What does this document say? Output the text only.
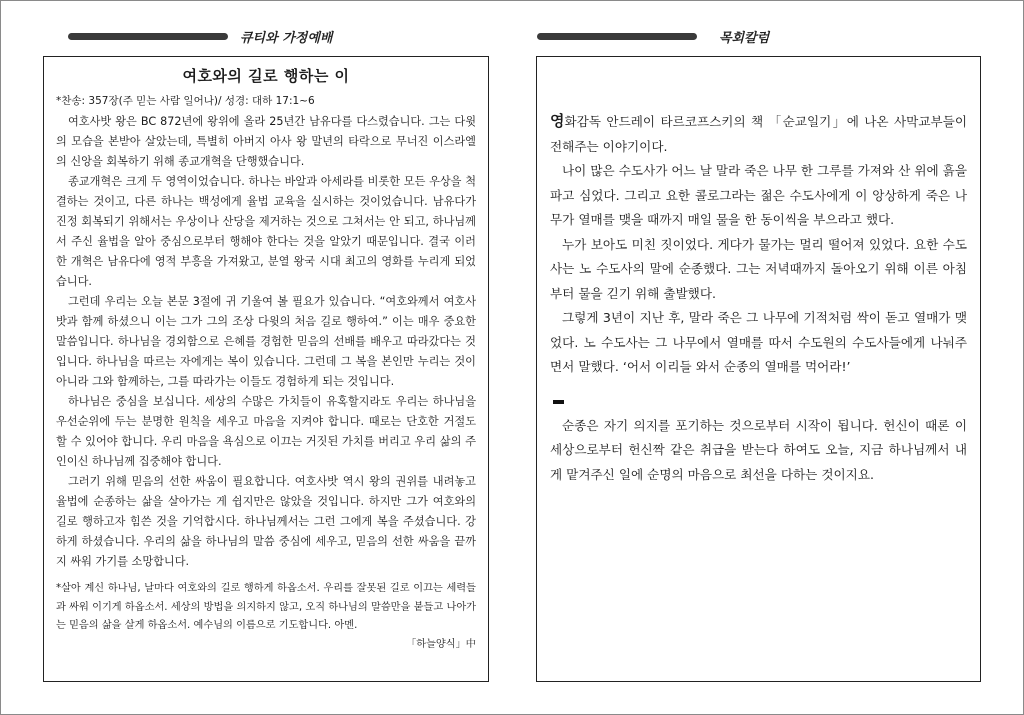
큐티와 가정예배	목회칼럼
여호와의 길로 행하는 이
*찬송: 357장(주 믿는 사람 일어나)/ 성경: 대하 17:1~6

여호사밧 왕은 BC 872년에 왕위에 올라 25년간 남유다를 다스렸습니다. 그는 다윗의 모습을 본받아 살았는데, 특별히 아버지 아사 왕 말년의 타락으로 무너진 이스라엘의 신앙을 회복하기 위해 종교개혁을 단행했습니다.

종교개혁은 크게 두 영역이었습니다. 하나는 바알과 아세라를 비롯한 모든 우상을 척결하는 것이고, 다른 하나는 백성에게 율법 교육을 실시하는 것이었습니다. 남유다가 진정 회복되기 위해서는 우상이나 산당을 제거하는 것으로 그쳐서는 안 되고, 하나님께서 주신 율법을 알아 중심으로부터 행해야 한다는 것을 알았기 때문입니다. 결국 이러한 개혁은 남유다에 영적 부흥을 가져왔고, 분열 왕국 시대 최고의 영화를 누리게 되었습니다.

그런데 우리는 오늘 본문 3절에 귀 기울여 볼 필요가 있습니다. “여호와께서 여호사밧과 함께 하셨으니 이는 그가 그의 조상 다윗의 처음 길로 행하여.” 이는 매우 중요한 말씀입니다. 하나님을 경외함으로 은혜를 경험한 믿음의 선배를 배우고 따라갔다는 것입니다. 하나님을 따르는 자에게는 복이 있습니다. 그런데 그 복을 본인만 누리는 것이 아니라 그와 함께하는, 그를 따라가는 이들도 경험하게 되는 것입니다.

하나님은 중심을 보십니다. 세상의 수많은 가치들이 유혹할지라도 우리는 하나님을 우선순위에 두는 분명한 원칙을 세우고 마음을 지켜야 합니다. 때로는 단호한 거절도 할 수 있어야 합니다. 우리 마음을 욕심으로 이끄는 거짓된 가치를 버리고 우리 삶의 주인이신 하나님께 집중해야 합니다.

그러기 위해 믿음의 선한 싸움이 필요합니다. 여호사밧 역시 왕의 권위를 내려놓고 율법에 순종하는 삶을 살아가는 게 쉽지만은 않았을 것입니다. 하지만 그가 여호와의 길로 행하고자 힘쓴 것을 기억합시다. 하나님께서는 그런 그에게 복을 주셨습니다. 강하게 하셨습니다. 우리의 삶을 하나님의 말씀 중심에 세우고, 믿음의 선한 싸움을 끝까지 싸워 가기를 소망합니다.

*살아 계신 하나님, 날마다 여호와의 길로 행하게 하옵소서. 우리를 잘못된 길로 이끄는 세력들과 싸워 이기게 하옵소서. 세상의 방법을 의지하지 않고, 오직 하나님의 말씀만을 붙들고 나아가는 믿음의 삶을 살게 하옵소서. 예수님의 이름으로 기도합니다. 아멘.
「하늘양식」中

영화감독 안드레이 타르코프스키의 책 「순교일기」에 나온 사막교부들이 전해주는 이야기이다.

나이 많은 수도사가 어느 날 말라 죽은 나무 한 그루를 가져와 산 위에 흙을 파고 심었다. 그리고 요한 콜로그라는 젊은 수도사에게 이 앙상하게 죽은 나무가 열매를 맺을 때까지 매일 물을 한 동이씩을 부으라고 했다.

누가 보아도 미친 짓이었다. 게다가 물가는 멀리 떨어져 있었다. 요한 수도사는 노 수도사의 말에 순종했다. 그는 저녁때까지 돌아오기 위해 이른 아침부터 물을 긷기 위해 출발했다.

그렇게 3년이 지난 후, 말라 죽은 그 나무에 기적처럼 싹이 돋고 열매가 맺었다. 노 수도사는 그 나무에서 열매를 따서 수도원의 수도사들에게 나눠주면서 말했다. ‘어서 이리들 와서 순종의 열매를 먹어라!’

순종은 자기 의지를 포기하는 것으로부터 시작이 됩니다. 헌신이 때론 이 세상으로부터 헌신짝 같은 취급을 받는다 하여도 오늘, 지금 하나님께서 내게 맡겨주신 일에 순명의 마음으로 최선을 다하는 것이지요.
